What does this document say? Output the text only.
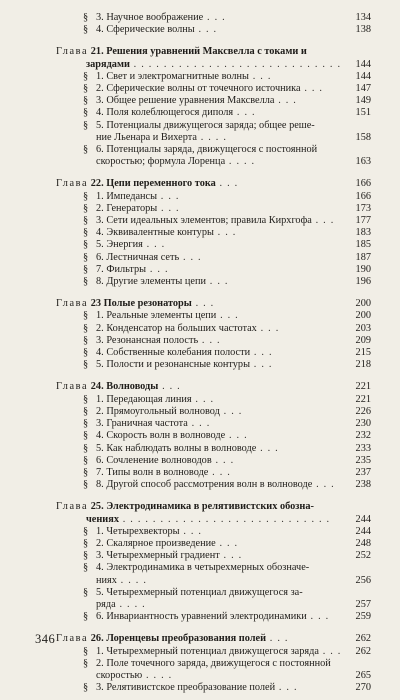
§ 3. Научное воображение . . .	134
§ 4. Сферические волны . . .	138
Глава 21. Решения уравнений Максвелла с токами и
зарядами . . . . . . . . . . . . . . . . . . . . . . . . . . . . 144
§ 1. Свет и электромагнитные волны . . .	144
§ 2. Сферические волны от точечного источника . . .	147
§ 3. Общее решение уравнения Максвелла . . .	149
§ 4. Поля колеблющегося диполя . . .	151
§ 5. Потенциалы движущегося заряда; общее реше-
ние Льенара и Вихерта . . . .	158
§ 6. Потенциалы заряда, движущегося с постоянной
скоростью; формула Лоренца . . . .	163
Глава 22. Цепи переменного тока . . .	166
§ 1. Импедансы . . .	166
§ 2. Генераторы . . .	173
§ 3. Сети идеальных элементов; правила Кирхгофа . . . 177
§ 4. Эквивалентные контуры . . .	183
§ 5. Энергия . . .	185
§ 6. Лестничная сеть . . .	187
§ 7. Фильтры . . .	190
§ 8. Другие элементы цепи . . .	196
Глава 23 Полые резонаторы . . .	200
§ 1. Реальные элементы цепи . . .	200
§ 2. Конденсатор на больших частотах . . .	203
§ 3. Резонансная полость . . .	209
§ 4. Собственные колебания полости . . .	215
§ 5. Полости и резонансные контуры . . .	218
Глава 24. Волноводы . . .	221
§ 1. Передающая линия . . .	221
§ 2. Прямоугольный волновод . . .	226
§ 3. Граничная частота . . .	230
§ 4. Скорость волн в волноводе . . .	232
§ 5. Как наблюдать волны в волноводе . . .	233
§ 6. Сочленение волноводов . . .	235
§ 7. Типы волн в волноводе . . .	237
§ 8. Другой способ рассмотрения волн в волноводе . . . 238
Глава 25. Электродинамика в релятивистских обозна-
чениях . . . . . . . . . . . . . . . . . . . . . . . . . . . . 244
§ 1. Четырехвекторы . . .	244
§ 2. Скалярное произведение . . .	248
§ 3. Четырехмерный градиент . . .	252
§ 4. Электродинамика в четырехмерных обозначе-
ниях . . . .	256
§ 5. Четырехмерный потенциал движущегося за-
ряда . . . .	257
§ 6. Инвариантность уравнений электродинамики . . .	259
Глава 26. Лоренцевы преобразования полей . . .	262
§ 1. Четырехмерный потенциал движущегося заряда . . . 262
§ 2. Поле точечного заряда, движущегося с постоянной
скоростью . . . .	265
§ 3. Релятивистское преобразование полей . . .	270
346
